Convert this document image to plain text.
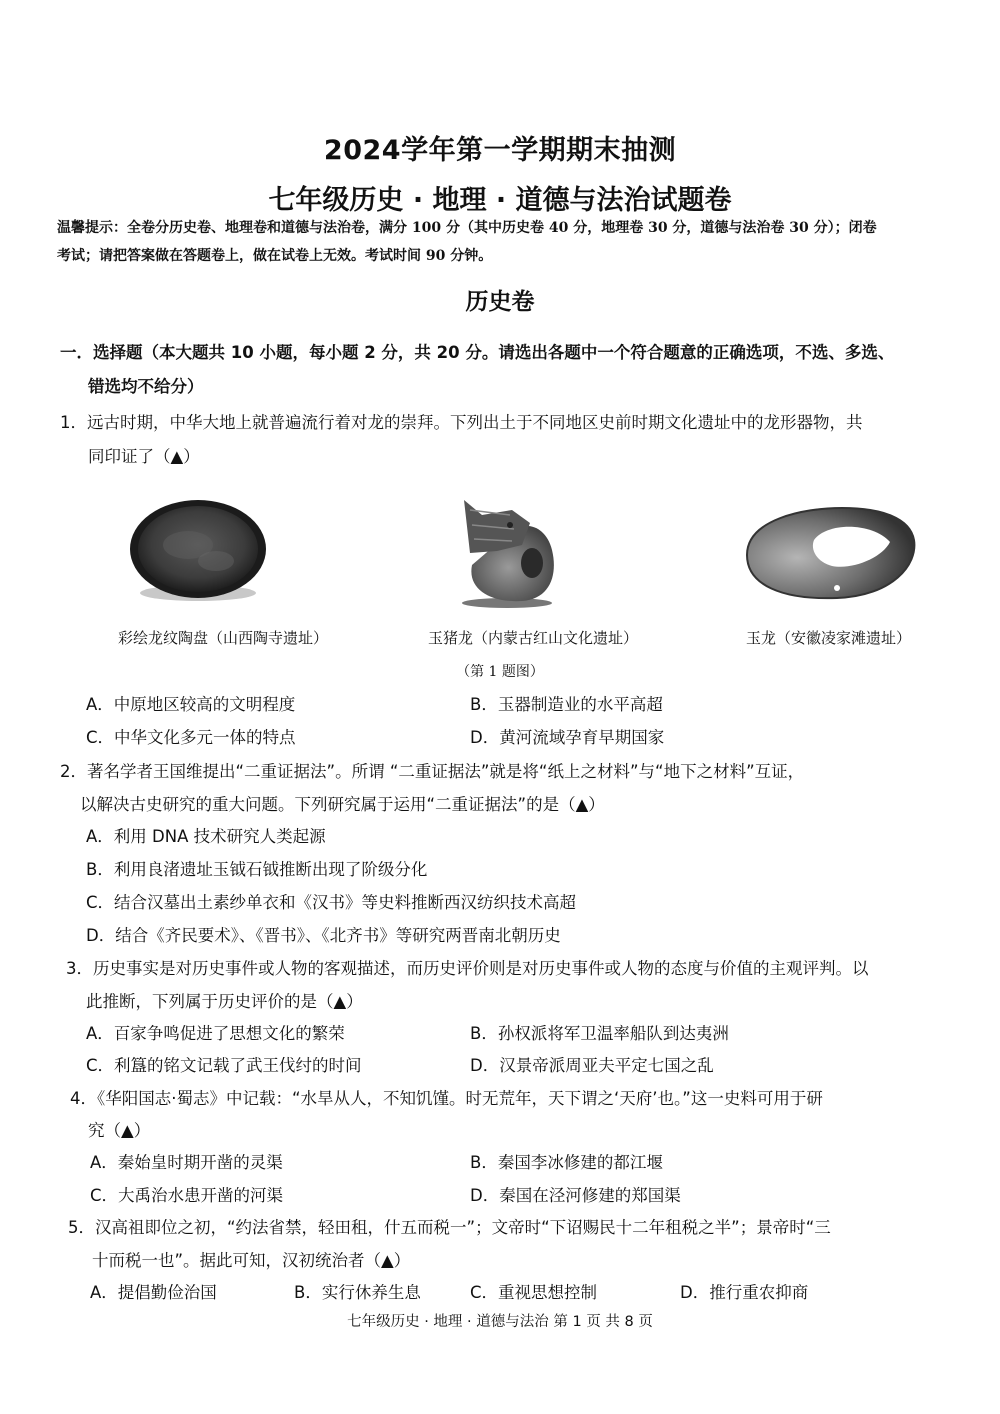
2024学年第一学期期末抽测
七年级历史 · 地理 · 道德与法治试题卷
温馨提示：全卷分历史卷、地理卷和道德与法治卷，满分 100 分（其中历史卷 40 分，地理卷 30 分，道德与法治卷 30 分）；闭卷
考试；请把答案做在答题卷上，做在试卷上无效。考试时间 90 分钟。
历史卷
一．选择题（本大题共 10 小题，每小题 2 分，共 20 分。请选出各题中一个符合题意的正确选项，不选、多选、
错选均不给分）
1．远古时期，中华大地上就普遍流行着对龙的崇拜。下列出土于不同地区史前时期文化遗址中的龙形器物，共
同印证了（▲）
彩绘龙纹陶盘（山西陶寺遗址）	玉猪龙（内蒙古红山文化遗址）	玉龙（安徽凌家滩遗址）
（第 1 题图）
A．中原地区较高的文明程度	B．玉器制造业的水平高超
C．中华文化多元一体的特点	D．黄河流域孕育早期国家
2．著名学者王国维提出“二重证据法”。所谓 “二重证据法”就是将“纸上之材料”与“地下之材料”互证，
以解决古史研究的重大问题。下列研究属于运用“二重证据法”的是（▲）
A．利用 DNA 技术研究人类起源
B．利用良渚遗址玉钺石钺推断出现了阶级分化
C．结合汉墓出土素纱单衣和《汉书》等史料推断西汉纺织技术高超
D．结合《齐民要术》、《晋书》、《北齐书》等研究两晋南北朝历史
3．历史事实是对历史事件或人物的客观描述，而历史评价则是对历史事件或人物的态度与价值的主观评判。以
此推断，下列属于历史评价的是（▲）
A．百家争鸣促进了思想文化的繁荣	B．孙权派将军卫温率船队到达夷洲
C．利簋的铭文记载了武王伐纣的时间	D．汉景帝派周亚夫平定七国之乱
4．《华阳国志·蜀志》中记载：“水旱从人，不知饥馑。时无荒年，天下谓之‘天府’也。”这一史料可用于研
究（▲）
A．秦始皇时期开凿的灵渠	B．秦国李冰修建的都江堰
C．大禹治水患开凿的河渠	D．秦国在泾河修建的郑国渠
5．汉高祖即位之初，“约法省禁，轻田租，什五而税一”；文帝时“下诏赐民十二年租税之半”；景帝时“三
十而税一也”。据此可知，汉初统治者（▲）
A．提倡勤俭治国	B．实行休养生息	C．重视思想控制	D．推行重农抑商
七年级历史 · 地理 · 道德与法治 第 1 页 共 8 页
